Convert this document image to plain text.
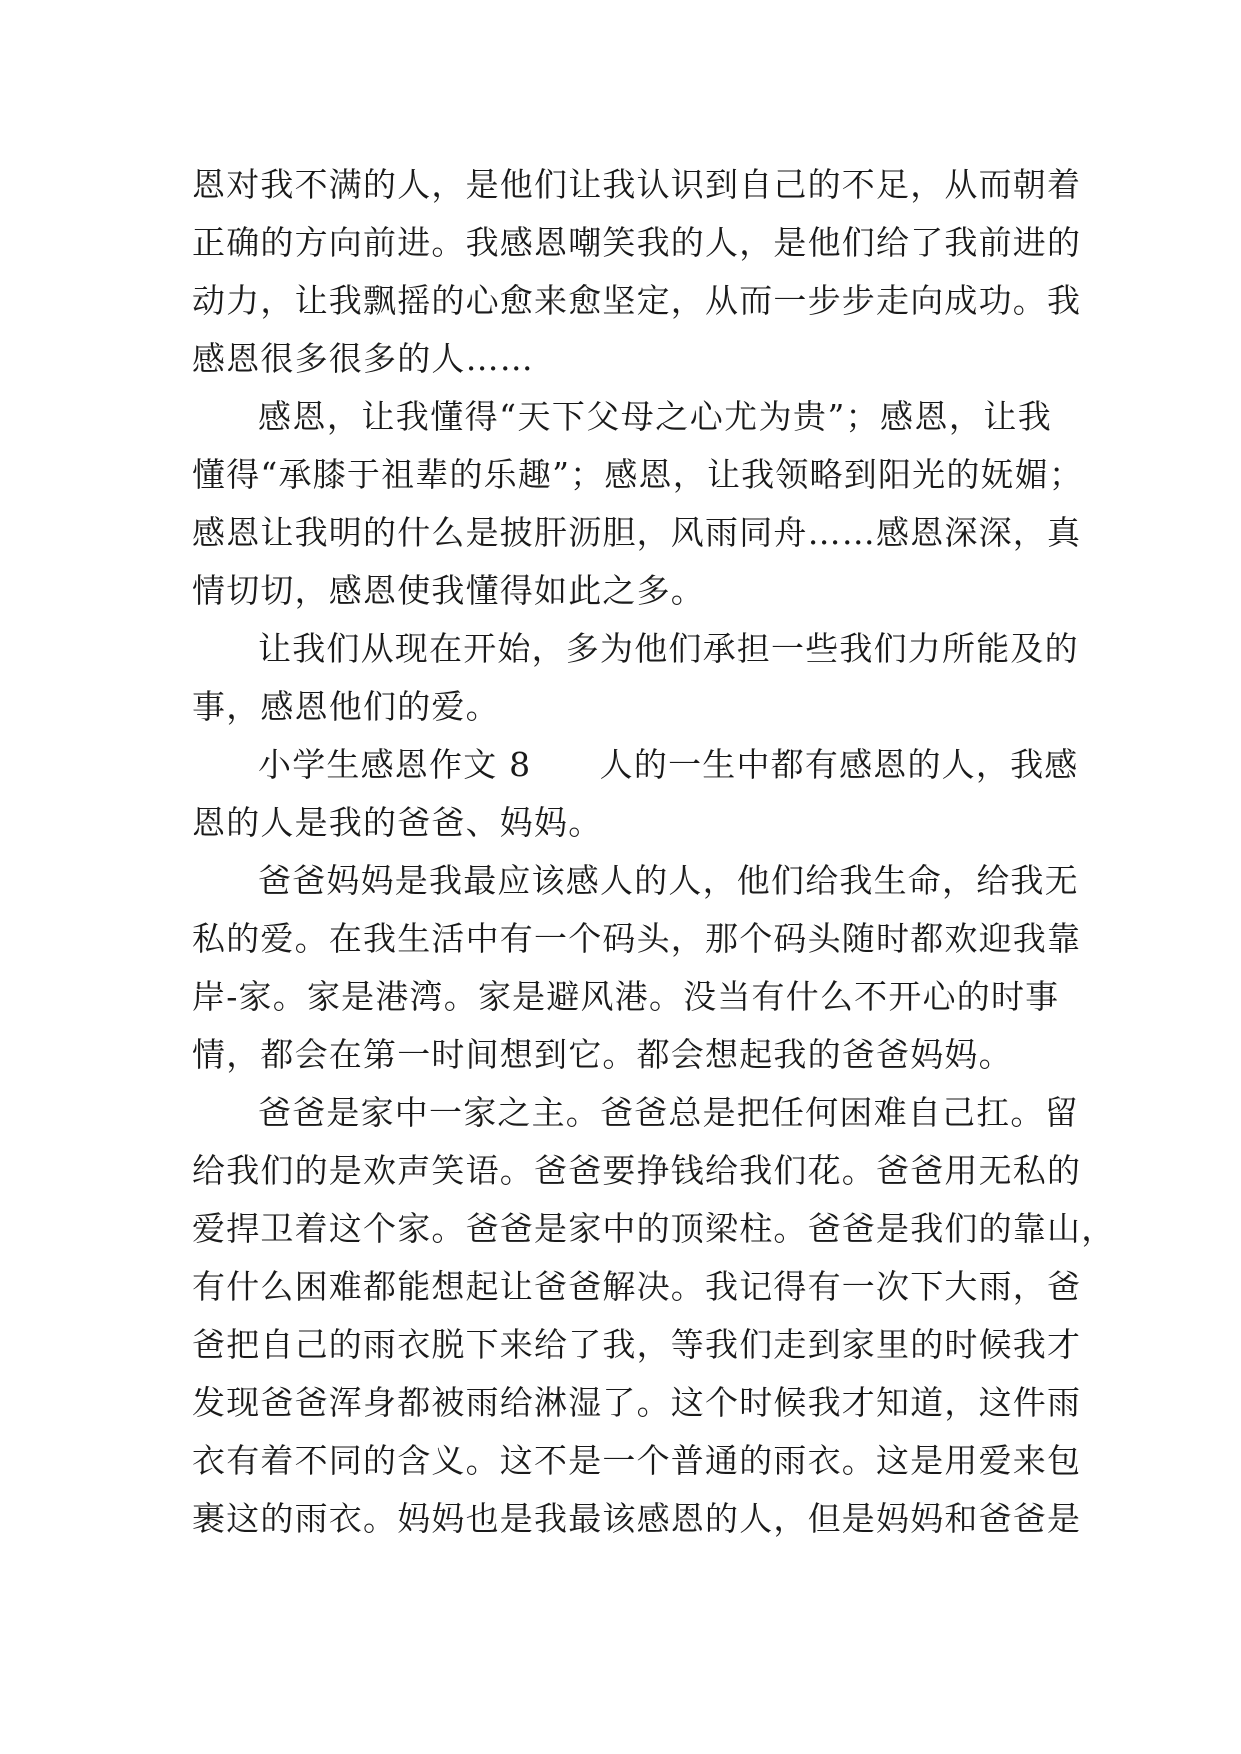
恩对我不满的人，是他们让我认识到自己的不足，从而朝着
正确的方向前进。我感恩嘲笑我的人，是他们给了我前进的
动力，让我飘摇的心愈来愈坚定，从而一步步走向成功。我
感恩很多很多的人……

感恩，让我懂得“天下父母之心尤为贵”；感恩，让我
懂得“承膝于祖辈的乐趣”；感恩，让我领略到阳光的妩媚；
感恩让我明的什么是披肝沥胆，风雨同舟……感恩深深，真
情切切，感恩使我懂得如此之多。

让我们从现在开始，多为他们承担一些我们力所能及的
事，感恩他们的爱。

小学生感恩作文 8　　人的一生中都有感恩的人，我感
恩的人是我的爸爸、妈妈。

爸爸妈妈是我最应该感人的人，他们给我生命，给我无
私的爱。在我生活中有一个码头，那个码头随时都欢迎我靠
岸-家。家是港湾。家是避风港。没当有什么不开心的时事
情，都会在第一时间想到它。都会想起我的爸爸妈妈。

爸爸是家中一家之主。爸爸总是把任何困难自己扛。留
给我们的是欢声笑语。爸爸要挣钱给我们花。爸爸用无私的
爱捍卫着这个家。爸爸是家中的顶梁柱。爸爸是我们的靠山，
有什么困难都能想起让爸爸解决。我记得有一次下大雨，爸
爸把自己的雨衣脱下来给了我，等我们走到家里的时候我才
发现爸爸浑身都被雨给淋湿了。这个时候我才知道，这件雨
衣有着不同的含义。这不是一个普通的雨衣。这是用爱来包
裹这的雨衣。妈妈也是我最该感恩的人，但是妈妈和爸爸是
